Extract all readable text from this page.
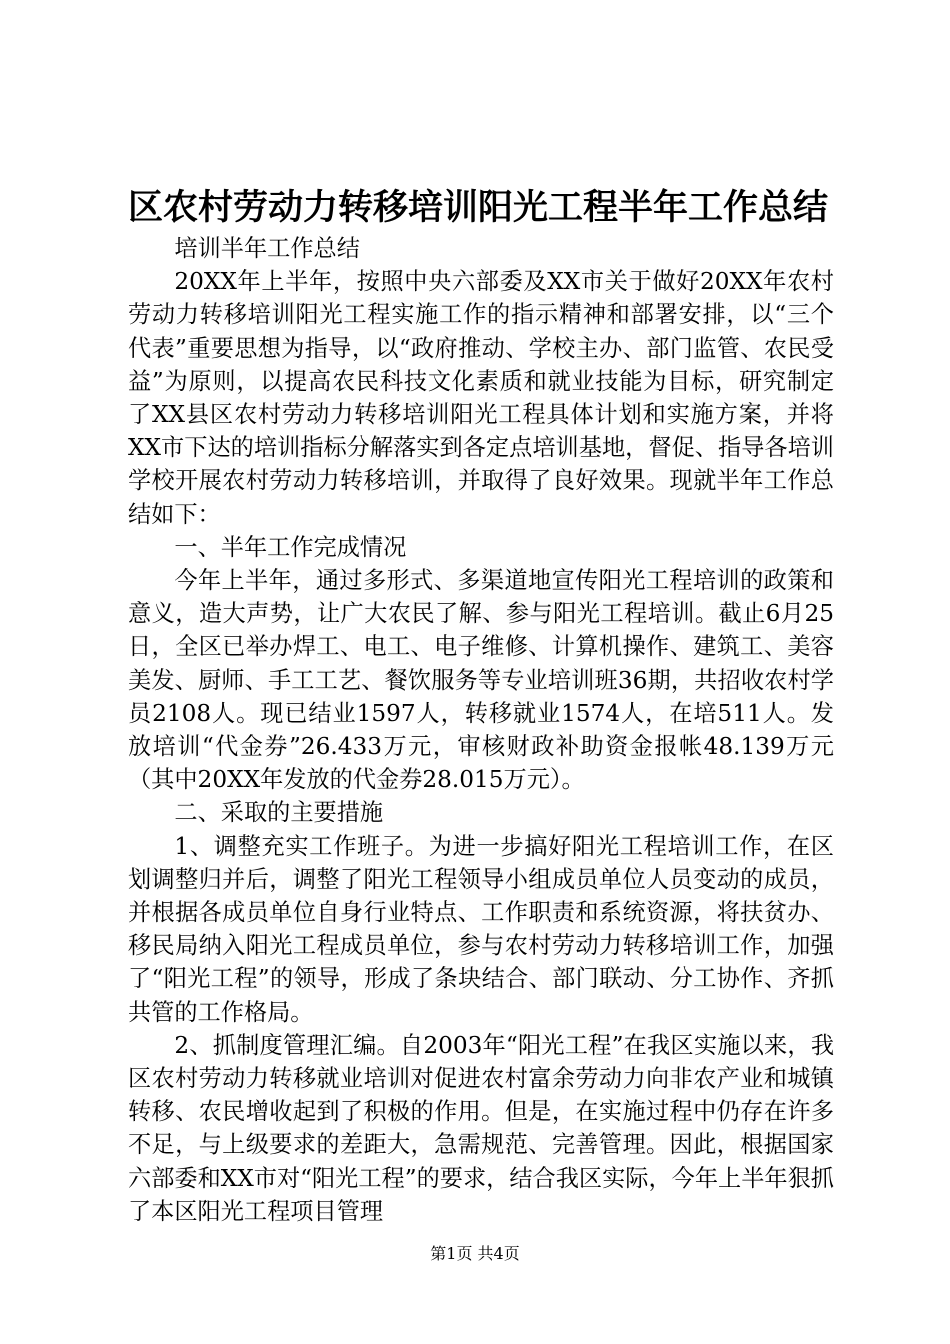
区农村劳动力转移培训阳光工程半年工作总结

培训半年工作总结

20XX年上半年，按照中央六部委及XX市关于做好20XX年农村劳动力转移培训阳光工程实施工作的指示精神和部署安排，以“三个代表”重要思想为指导，以“政府推动、学校主办、部门监管、农民受益”为原则，以提高农民科技文化素质和就业技能为目标，研究制定了XX县区农村劳动力转移培训阳光工程具体计划和实施方案，并将XX市下达的培训指标分解落实到各定点培训基地，督促、指导各培训学校开展农村劳动力转移培训，并取得了良好效果。现就半年工作总结如下：

一、半年工作完成情况

今年上半年，通过多形式、多渠道地宣传阳光工程培训的政策和意义，造大声势，让广大农民了解、参与阳光工程培训。截止6月25日，全区已举办焊工、电工、电子维修、计算机操作、建筑工、美容美发、厨师、手工工艺、餐饮服务等专业培训班36期，共招收农村学员2108人。现已结业1597人，转移就业1574人，在培511人。发放培训“代金券”26.433万元，审核财政补助资金报帐48.139万元（其中20XX年发放的代金券28.015万元）。

二、采取的主要措施

1、调整充实工作班子。为进一步搞好阳光工程培训工作，在区划调整归并后，调整了阳光工程领导小组成员单位人员变动的成员，并根据各成员单位自身行业特点、工作职责和系统资源，将扶贫办、移民局纳入阳光工程成员单位，参与农村劳动力转移培训工作，加强了“阳光工程”的领导，形成了条块结合、部门联动、分工协作、齐抓共管的工作格局。

2、抓制度管理汇编。自2003年“阳光工程”在我区实施以来，我区农村劳动力转移就业培训对促进农村富余劳动力向非农产业和城镇转移、农民增收起到了积极的作用。但是，在实施过程中仍存在许多不足，与上级要求的差距大，急需规范、完善管理。因此，根据国家六部委和XX市对“阳光工程”的要求，结合我区实际，今年上半年狠抓了本区阳光工程项目管理

第1页 共4页
